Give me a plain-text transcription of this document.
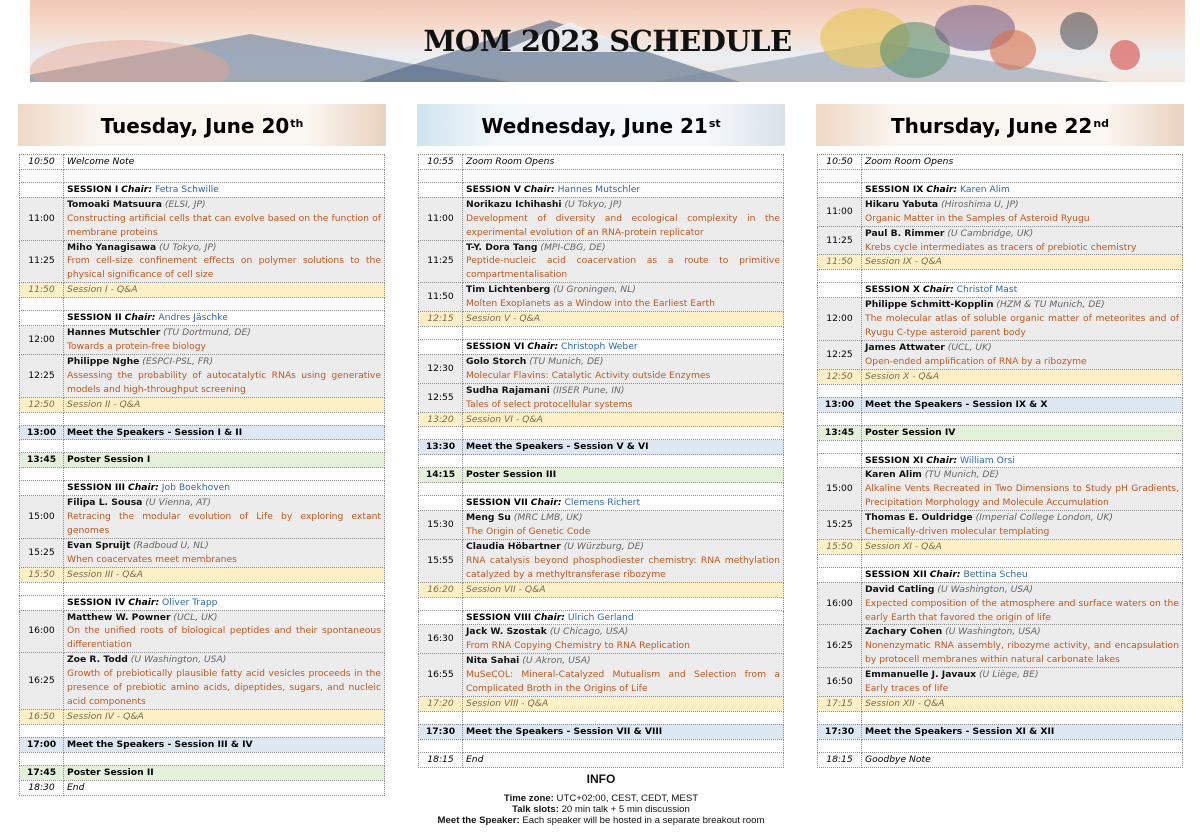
MOM 2023 SCHEDULE
Tuesday, June 20th	Wednesday, June 21st	Thursday, June 22nd
10:50	Welcome Note

	SESSION I Chair: Fetra Schwille
11:00	Tomoaki Matsuura (ELSI, JP)
Constructing artificial cells that can evolve based on the function of membrane proteins

11:25	Miho Yanagisawa (U Tokyo, JP)
From cell-size confinement effects on polymer solutions to the physical significance of cell size

11:50	Session I - Q&A

	SESSION II Chair: Andres Jäschke
12:00	Hannes Mutschler (TU Dortmund, DE)
Towards a protein-free biology

12:25	Philippe Nghe (ESPCI-PSL, FR)
Assessing the probability of autocatalytic RNAs using generative models and high-throughput screening

12:50	Session II - Q&A

13:00	Meet the Speakers - Session I & II

13:45	Poster Session I

	SESSION III Chair: Job Boekhoven
15:00	Filipa L. Sousa (U Vienna, AT)
Retracing the modular evolution of Life by exploring extant genomes

15:25	Evan Spruijt (Radboud U, NL)
When coacervates meet membranes

15:50	Session III - Q&A

	SESSION IV Chair: Oliver Trapp
16:00	Matthew W. Powner (UCL, UK)
On the unified roots of biological peptides and their spontaneous differentiation

16:25	Zoe R. Todd (U Washington, USA)
Growth of prebiotically plausible fatty acid vesicles proceeds in the presence of prebiotic amino acids, dipeptides, sugars, and nucleic acid components

16:50	Session IV - Q&A

17:00	Meet the Speakers - Session III & IV

17:45	Poster Session II
18:30	End
10:55	Zoom Room Opens

	SESSION V Chair: Hannes Mutschler
11:00	Norikazu Ichihashi (U Tokyo, JP)
Development of diversity and ecological complexity in the experimental evolution of an RNA-protein replicator

11:25	T-Y. Dora Tang (MPI-CBG, DE)
Peptide-nucleic acid coacervation as a route to primitive compartmentalisation

11:50	Tim Lichtenberg (U Groningen, NL)
Molten Exoplanets as a Window into the Earliest Earth

12:15	Session V - Q&A

	SESSION VI Chair: Christoph Weber
12:30	Golo Storch (TU Munich, DE)
Molecular Flavins: Catalytic Activity outside Enzymes

12:55	Sudha Rajamani (IISER Pune, IN)
Tales of select protocellular systems

13:20	Session VI - Q&A

13:30	Meet the Speakers - Session V & VI

14:15	Poster Session III

	SESSION VII Chair: Clemens Richert
15:30	Meng Su (MRC LMB, UK)
The Origin of Genetic Code

15:55	Claudia Höbartner (U Würzburg, DE)
RNA catalysis beyond phosphodiester chemistry: RNA methylation catalyzed by a methyltransferase ribozyme

16:20	Session VII - Q&A

	SESSION VIII Chair: Ulrich Gerland
16:30	Jack W. Szostak (U Chicago, USA)
From RNA Copying Chemistry to RNA Replication

16:55	Nita Sahai (U Akron, USA)
MuSeCOL: Mineral-Catalyzed Mutualism and Selection from a Complicated Broth in the Origins of Life

17:20	Session VIII - Q&A

17:30	Meet the Speakers - Session VII & VIII

18:15	End
10:50	Zoom Room Opens

	SESSION IX Chair: Karen Alim
11:00	Hikaru Yabuta (Hiroshima U, JP)
Organic Matter in the Samples of Asteroid Ryugu

11:25	Paul B. Rimmer (U Cambridge, UK)
Krebs cycle intermediates as tracers of prebiotic chemistry

11:50	Session IX - Q&A

	SESSION X Chair: Christof Mast
12:00	Philippe Schmitt-Kopplin (HZM & TU Munich, DE)
The molecular atlas of soluble organic matter of meteorites and of Ryugu C-type asteroid parent body

12:25	James Attwater (UCL, UK)
Open-ended amplification of RNA by a ribozyme

12:50	Session X - Q&A

13:00	Meet the Speakers - Session IX & X

13:45	Poster Session IV

	SESSION XI Chair: William Orsi
15:00	Karen Alim (TU Munich, DE)
Alkaline Vents Recreated in Two Dimensions to Study pH Gradients, Precipitation Morphology and Molecule Accumulation

15:25	Thomas E. Ouldridge (Imperial College London, UK)
Chemically-driven molecular templating

15:50	Session XI - Q&A

	SESSION XII Chair: Bettina Scheu
16:00	David Catling (U Washington, USA)
Expected composition of the atmosphere and surface waters on the early Earth that favored the origin of life

16:25	Zachary Cohen (U Washington, USA)
Nonenzymatic RNA assembly, ribozyme activity, and encapsulation by protocell membranes within natural carbonate lakes

16:50	Emmanuelle J. Javaux (U Liège, BE)
Early traces of life

17:15	Session XII - Q&A

17:30	Meet the Speakers - Session XI & XII

18:15	Goodbye Note
INFO
Time zone: UTC+02:00, CEST, CEDT, MEST
Talk slots: 20 min talk + 5 min discussion
Meet the Speaker: Each speaker will be hosted in a separate breakout room
